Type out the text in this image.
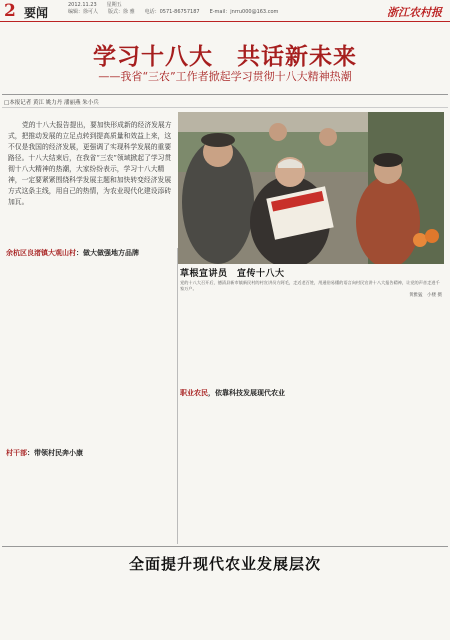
2 要闻
2012.11.23 星期五
编辑：徐可人 版式：徐 雅 电话：0571-86757187 E-mail：jnrru000@163.com	浙江农村报
学习十八大　共话新未来
——我省“三农”工作者掀起学习贯彻十八大精神热潮
□本报记者 黄江 姚力丹 潘丽燕 朱小兵
党的十八大报告提出，要加快形成新的经济发展方式，把推动发展的立足点转到提高质量和效益上来，这不仅是我国的经济发展，更强调了实现科学发展的重要路径。十八大结束后，在我省“三农”领域掀起了学习贯彻十八大精神的热潮，大家纷纷表示，学习十八大精神，一定要紧紧围绕科学发展主题和加快转变经济发展方式这条主线，用自己的热情，为农业现代化建设添砖加瓦。
草根宣讲员　宣传十八大
党的十八大召开后，德清县新市镇新民村的村宣讲员方阿毛，走近老百姓，用通俗易懂的语言向村民宣讲十八大报告精神，让党的声音走进千家万户。
黄雅猛　小楼 摄
余杭区良渚镇大观山村：做大做强地方品牌
村干部：带领村民奔小康
职业农民，依靠科技发展现代农业
全面提升现代农业发展层次
